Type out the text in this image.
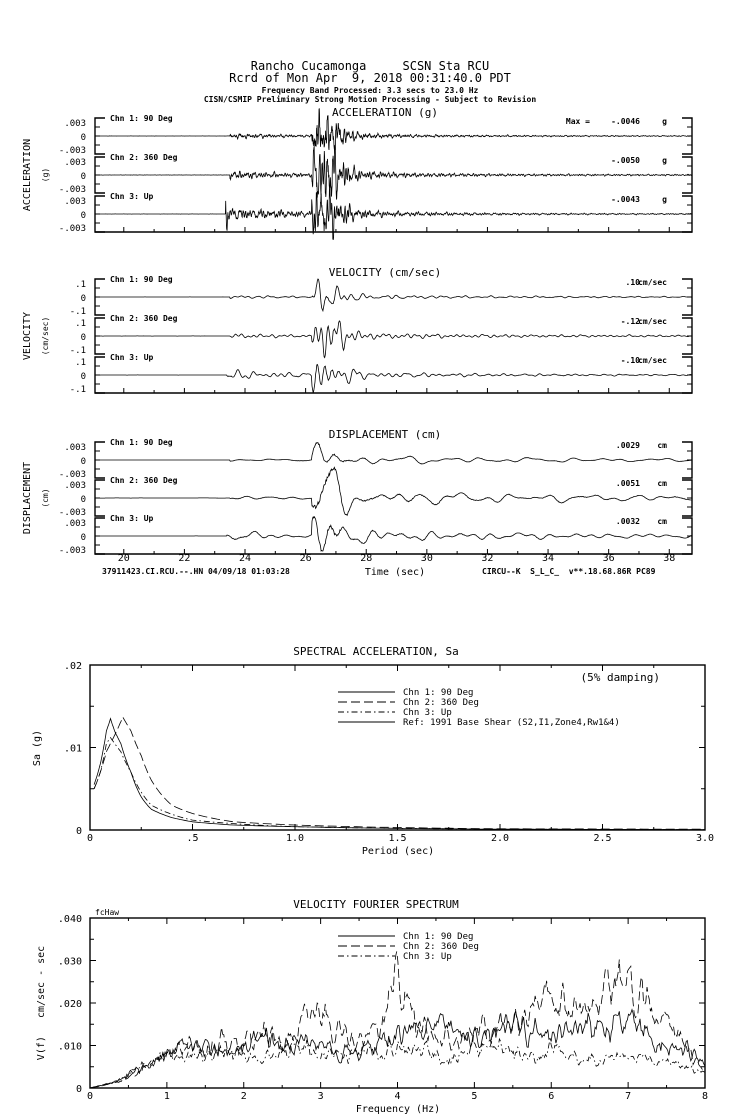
Rancho Cucamonga     SCSN Sta RCU
Rcrd of Mon Apr  9, 2018 00:31:40.0 PDT
Frequency Band Processed: 3.3 secs to 23.0 Hz
CISN/CSMIP Preliminary Strong Motion Processing - Subject to Revision
ACCELERATION (g)
ACCELERATION (g)
.003
0
-.003
Chn 1: 90 Deg	Max =	-.0046	g
.003
0
-.003
Chn 2: 360 Deg	-.0050	g
.003
0
-.003
Chn 3: Up	-.0043	g
VELOCITY (cm/sec)
VELOCITY (cm/sec)
.1
0
-.1
Chn 1: 90 Deg	.10
cm/sec
.1
0
-.1
Chn 2: 360 Deg	-.12
cm/sec
.1
0
-.1
Chn 3: Up	-.10
cm/sec
DISPLACEMENT (cm)
DISPLACEMENT (cm)
.003
0
-.003
Chn 1: 90 Deg	.0029 cm
.003
0
-.003
Chn 2: 360 Deg	.0051 cm
.003
0
-.003
Chn 3: Up	.0032 cm
20	22	24	26	28	30	32	34	36	38
Time (sec)
37911423.CI.RCU.--.HN 04/09/18 01:03:28	CIRCU--K  S_L_C_  v**.18.68.86R PC89
SPECTRAL ACCELERATION, Sa
Sa (g)
Period (sec)
(5% damping)
0	.5	1.0	1.5	2.0	2.5	3.0
0
.01
.02
Chn 1: 90 Deg
Chn 2: 360 Deg
Chn 3: Up
Ref: 1991 Base Shear (S2,I1,Zone4,Rw1&4)
VELOCITY FOURIER SPECTRUM
fcHaw
V(f)   cm/sec - sec
Frequency (Hz)
0	1	2	3	4	5	6	7	8
0
.010
.020
.030
.040
Chn 1: 90 Deg
Chn 2: 360 Deg
Chn 3: Up
